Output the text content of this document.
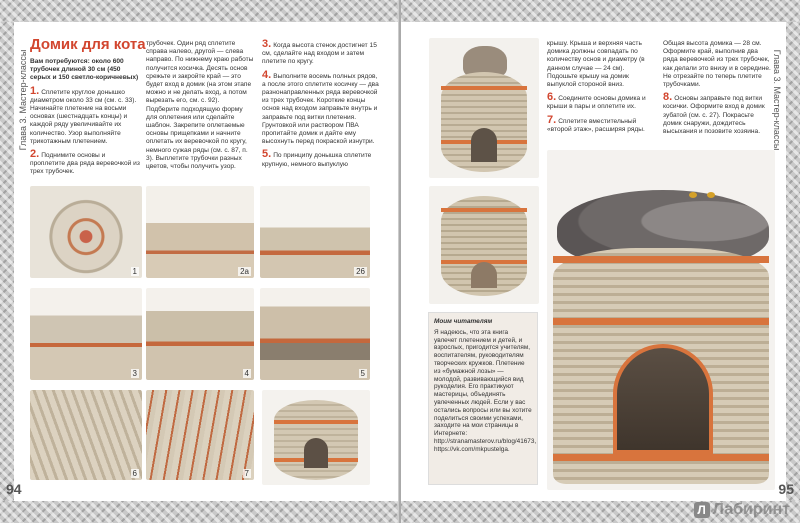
Глава 3. Мастер-классы
Домик для кота

Вам потребуются: около 600 трубочек длиной 30 см (450 серых и 150 светло-коричневых)

1. Сплетите круглое донышко диаметром около 33 см (см. с. 33). Начинайте плетение на восьми основах (шестнадцать концы) и каждой ряду увеличивайте их количество. Узор выполняйте трикотажным плетением.

2. Поднимите основы и проплетите два ряда веревочкой из трех трубочек.

трубочек. Один ряд сплетите справа налево, другой — слева направо. По нижнему краю работы получится косичка. Десять основ срежьте и закройте край — это будет вход в домик (на этом этапе можно и не делать вход, а потом вырезать его, см. с. 92). Подберите подходящую форму для оплетения или сделайте шаблон. Закрепите оплетаемые основы прищепками и начните оплетать их веревочкой по кругу, немного сужая ряды (см. с. 87, п. 3). Выплетите трубочки разных цветов, чтобы получить узор.

3. Когда высота стенок достигнет 15 см, сделайте над входом и затем плетите по кругу.

4. Выполните восемь полных рядов, а после этого сплетите косичку — два разнонаправленных ряда веревочкой из трех трубочек. Короткие концы основ над входом заправьте внутрь и заправьте под витки плетения. Грунтовкой или раствором ПВА пропитайте домик и дайте ему высохнуть перед покраской изнутри.

5. По принципу донышка сплетите крупную, немного выпуклую

1	2a	26
3	4	5
6	7
94
Глава 3. Мастер-классы

крышу. Крыша и верхняя часть домика должны совпадать по количеству основ и диаметру (в данном случае — 24 см). Подошьте крышу на домик выпуклой стороной вниз.

6. Соедините основы домика и крыши в пары и оплетите их.

7. Сплетите вместительный «второй этаж», расширяя ряды.

Общая высота домика — 28 см. Оформите край, выполнив два ряда веревочкой из трех трубочек, как делали это внизу и в середине. Не отрезайте по теперь плетите трубочками.

8. Основы заправьте под витки косички. Оформите вход в домик зубатой (см. с. 27). Покрасьте домик снаружи, дождитесь высыхания и позовите хозяина.

Моим читателям
Я надеюсь, что эта книга увлечет плетением и детей, и взрослых, пригодится учителям, воспитателям, руководителям творческих кружков. Плетение из «бумажной лозы» — молодой, развивающийся вид рукоделия. Его практикуют мастерицы, объединять увлеченных людей. Если у вас остались вопросы или вы хотите поделиться своими успехами, заходите на мои страницы в Интернете: http://stranamasterov.ru/blog/41673, https://vk.com/mkpustelga.
95
Л Лабиринт
